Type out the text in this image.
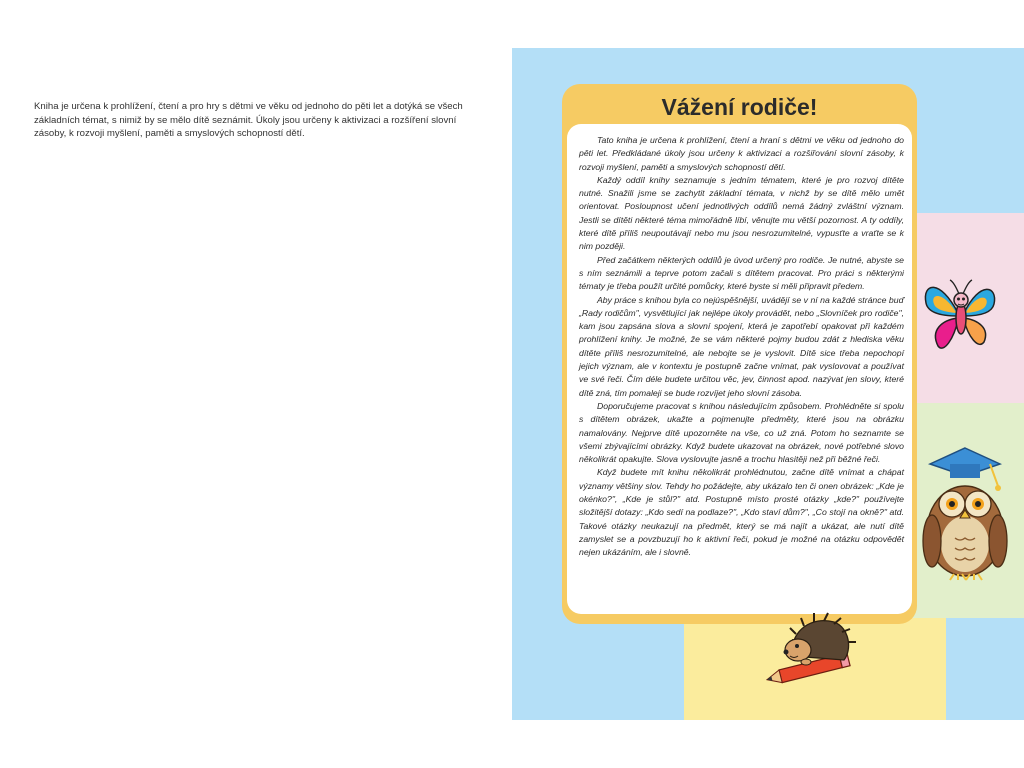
Kniha je určena k prohlížení, čtení a pro hry s dětmi ve věku od jednoho do pěti let a dotýká se všech základních témat, s nimiž by se mělo dítě seznámit. Úkoly jsou určeny k aktivizaci a rozšíření slovní zásoby, k rozvoji myšlení, paměti a smyslových schopností dětí.
Vážení rodiče!

Tato kniha je určena k prohlížení, čtení a hraní s dětmi ve věku od jednoho do pěti let. Předkládané úkoly jsou určeny k aktivizaci a rozšiřování slovní zásoby, k rozvoji myšlení, paměti a smyslových schopností dětí.

Každý oddíl knihy seznamuje s jedním tématem, které je pro rozvoj dítěte nutné. Snažili jsme se zachytit základní témata, v nichž by se dítě mělo umět orientovat. Posloupnost učení jednotlivých oddílů nemá žádný zvláštní význam. Jestli se dítěti některé téma mimořádně líbí, věnujte mu větší pozornost. A ty oddíly, které dítě příliš neupoutávají nebo mu jsou nesrozumitelné, vypusťte a vraťte se k nim později.

Před začátkem některých oddílů je úvod určený pro rodiče. Je nutné, abyste se s ním seznámili a teprve potom začali s dítětem pracovat. Pro práci s některými tématy je třeba použít určité pomůcky, které byste si měli připravit předem.

Aby práce s knihou byla co nejúspěšnější, uvádějí se v ní na každé stránce buď „Rady rodičům", vysvětlující jak nejlépe úkoly provádět, nebo „Slovníček pro rodiče", kam jsou zapsána slova a slovní spojení, která je zapotřebí opakovat při každém prohlížení knihy. Je možné, že se vám některé pojmy budou zdát z hlediska věku dítěte příliš nesrozumitelné, ale nebojte se je vyslovit. Dítě sice třeba nepochopí jejich význam, ale v kontextu je postupně začne vnímat, pak vyslovovat a používat ve své řeči. Čím déle budete určitou věc, jev, činnost apod. nazývat jen slovy, které dítě zná, tím pomaleji se bude rozvíjet jeho slovní zásoba.

Doporučujeme pracovat s knihou následujícím způsobem. Prohlédněte si spolu s dítětem obrázek, ukažte a pojmenujte předměty, které jsou na obrázku namalovány. Nejprve dítě upozorněte na vše, co už zná. Potom ho seznamte se všemi zbývajícími obrázky. Když budete ukazovat na obrázek, nové potřebné slovo několikrát opakujte. Slova vyslovujte jasně a trochu hlasitěji než při běžné řeči.

Když budete mít knihu několikrát prohlédnutou, začne dítě vnímat a chápat významy většiny slov. Tehdy ho požádejte, aby ukázalo ten či onen obrázek: „Kde je okénko?", „Kde je stůl?" atd. Postupně místo prosté otázky „kde?" používejte složitější dotazy: „Kdo sedí na podlaze?", „Kdo staví dům?", „Co stojí na okně?" atd. Takové otázky neukazují na předmět, který se má najít a ukázat, ale nutí dítě zamyslet se a povzbuzují ho k aktivní řeči, pokud je možné na otázku odpovědět nejen ukázáním, ale i slovně.
